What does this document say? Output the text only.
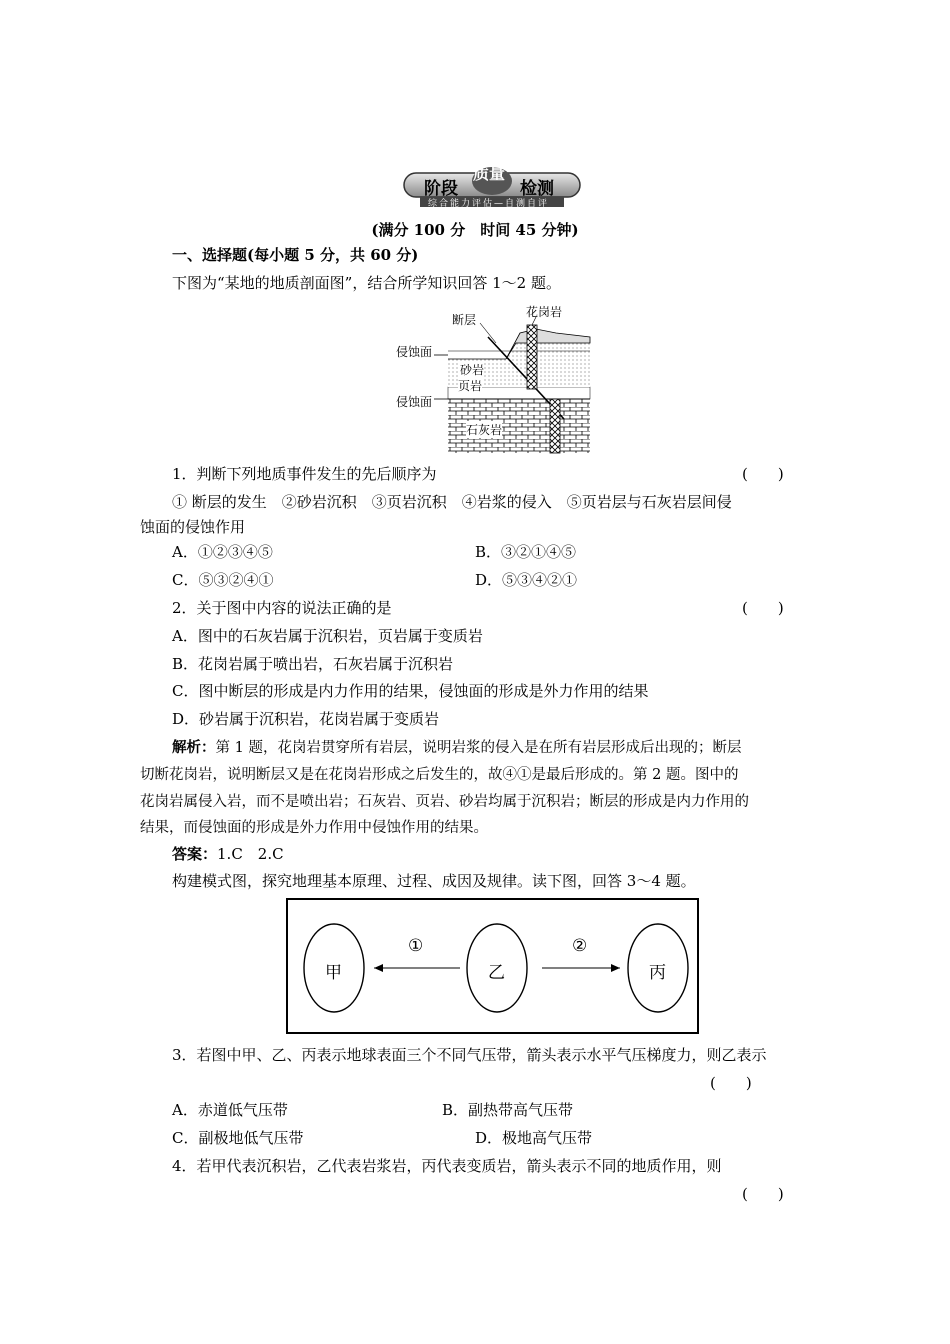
阶段
质量
检测
综合能力评估—自测自评
(满分 100 分　时间 45 分钟)
一、选择题(每小题 5 分，共 60 分)
下图为“某地的地质剖面图”，结合所学知识回答 1～2 题。
断层
花岗岩
侵蚀面
砂岩
页岩
侵蚀面
石灰岩
1．判断下列地质事件发生的先后顺序为	(　　)
① 断层的发生　②砂岩沉积　③页岩沉积　④岩浆的侵入　⑤页岩层与石灰岩层间侵
蚀面的侵蚀作用
A．①②③④⑤	B．③②①④⑤
C．⑤③②④①	D．⑤③④②①
2．关于图中内容的说法正确的是	(　　)
A．图中的石灰岩属于沉积岩，页岩属于变质岩
B．花岗岩属于喷出岩，石灰岩属于沉积岩
C．图中断层的形成是内力作用的结果，侵蚀面的形成是外力作用的结果
D．砂岩属于沉积岩，花岗岩属于变质岩
解析：第 1 题，花岗岩贯穿所有岩层，说明岩浆的侵入是在所有岩层形成后出现的；断层
切断花岗岩，说明断层又是在花岗岩形成之后发生的，故④①是最后形成的。第 2 题。图中的
花岗岩属侵入岩，而不是喷出岩；石灰岩、页岩、砂岩均属于沉积岩；断层的形成是内力作用的
结果，而侵蚀面的形成是外力作用中侵蚀作用的结果。
答案：1.C　2.C
构建模式图，探究地理基本原理、过程、成因及规律。读下图，回答 3～4 题。
甲	乙	丙
①	②
3．若图中甲、乙、丙表示地球表面三个不同气压带，箭头表示水平气压梯度力，则乙表示
(　　)
A．赤道低气压带	B．副热带高气压带
C．副极地低气压带	D．极地高气压带
4．若甲代表沉积岩，乙代表岩浆岩，丙代表变质岩，箭头表示不同的地质作用，则
(　　)
